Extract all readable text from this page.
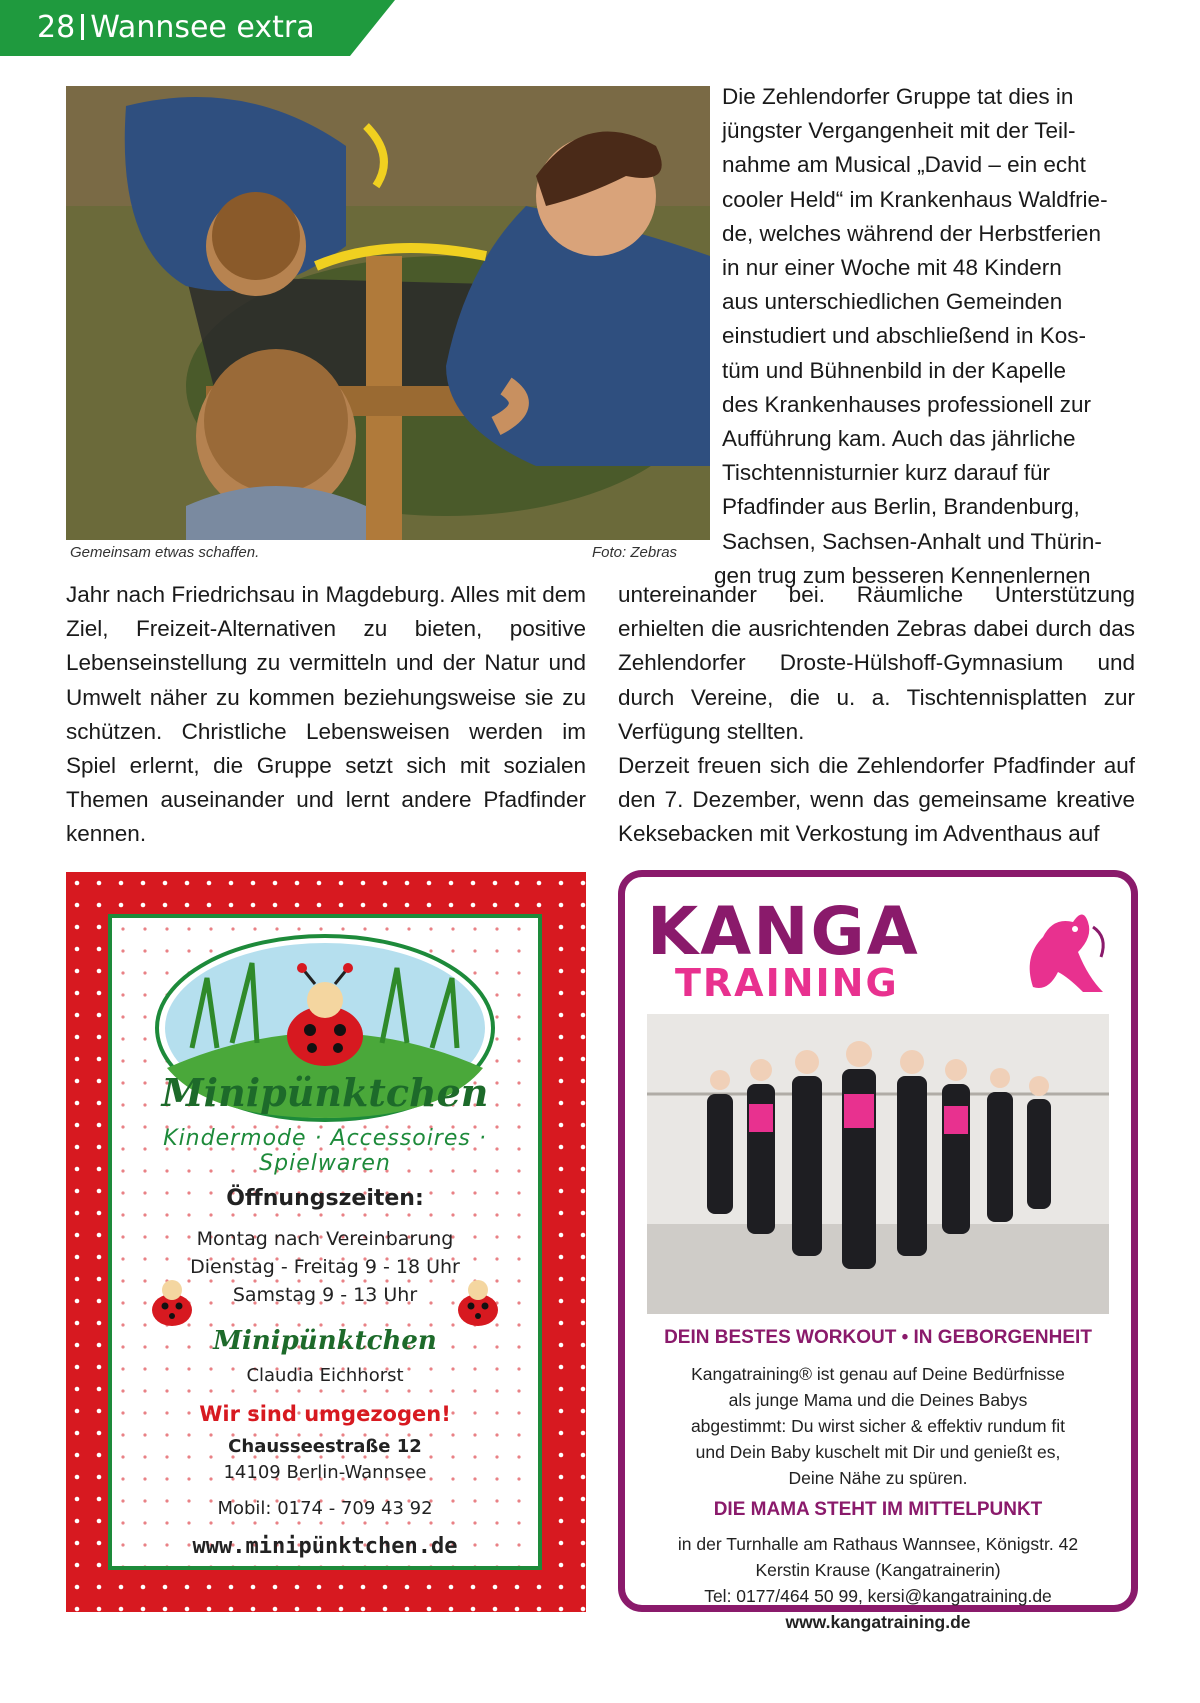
28 Wannsee extra
Gemeinsam etwas schaffen.	Foto: Zebras

Die Zehlendorfer Gruppe tat dies in

jüngster Vergangenheit mit der Teil-

nahme am Musical „David – ein echt

cooler Held“ im Krankenhaus Waldfrie-

de, welches während der Herbstferien

in nur einer Woche mit 48 Kindern

aus unterschiedlichen Gemeinden

einstudiert und abschließend in Kos-

tüm und Bühnenbild in der Kapelle

des Krankenhauses professionell zur

Aufführung kam. Auch das jährliche

Tischtennisturnier kurz darauf für

Pfadfinder aus Berlin, Brandenburg,

Sachsen, Sachsen-Anhalt und Thürin-

gen trug zum besseren Kennenlernen

Jahr nach Friedrichsau in Magdeburg. Alles mit dem Ziel, Freizeit-Alternativen zu bieten, positive Lebenseinstellung zu vermitteln und der Natur und Umwelt näher zu kommen beziehungsweise sie zu schützen. Christliche Lebensweisen werden im Spiel erlernt, die Gruppe setzt sich mit sozialen Themen auseinander und lernt andere Pfadfinder kennen.

untereinander bei. Räumliche Unterstützung erhielten die ausrichtenden Zebras dabei durch das Zehlendorfer Droste-Hülshoff-Gymnasium und durch Vereine, die u. a. Tischtennisplatten zur Verfügung stellten.

Derzeit freuen sich die Zehlendorfer Pfadfinder auf den 7. Dezember, wenn das gemeinsame kreative Keksebacken mit Verkostung im Adventhaus auf

Minipünktchen
Kindermode · Accessoires · Spielwaren
Öffnungszeiten:
Montag nach Vereinbarung
Dienstag - Freitag 9 - 18 Uhr
Samstag 9 - 13 Uhr
Minipünktchen
Claudia Eichhorst
Wir sind umgezogen!
Chausseestraße 12
14109 Berlin-Wannsee
Mobil: 0174 - 709 43 92
www.minipünktchen.de
KANGA
TRAINING
DEIN BESTES WORKOUT • IN GEBORGENHEIT
Kangatraining® ist genau auf Deine Bedürfnisse
als junge Mama und die Deines Babys
abgestimmt: Du wirst sicher & effektiv rundum fit
und Dein Baby kuschelt mit Dir und genießt es,
Deine Nähe zu spüren.
DIE MAMA STEHT IM MITTELPUNKT
in der Turnhalle am Rathaus Wannsee, Königstr. 42
Kerstin Krause (Kangatrainerin)
Tel: 0177/464 50 99, kersi@kangatraining.de
www.kangatraining.de
